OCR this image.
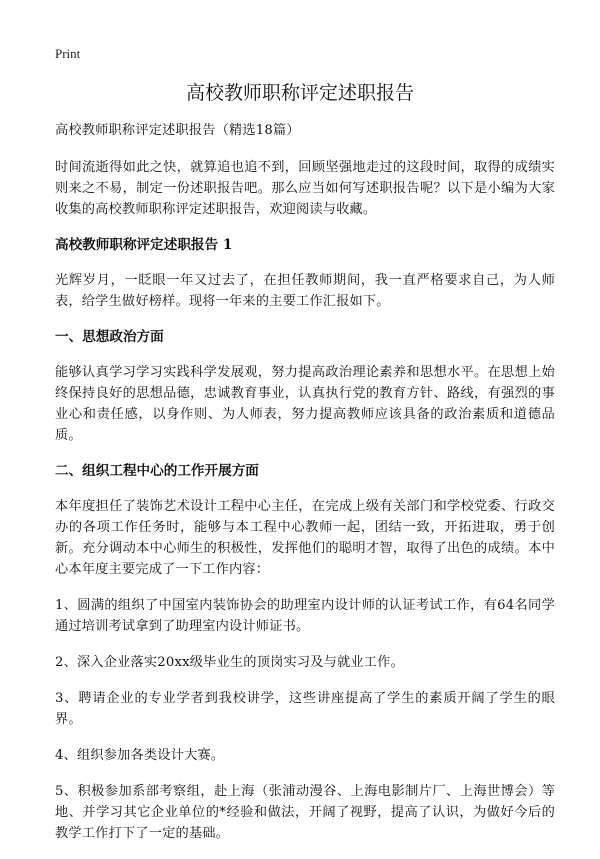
Print
高校教师职称评定述职报告

高校教师职称评定述职报告（精选18篇）

时间流逝得如此之快，就算追也追不到，回顾坚强地走过的这段时间，取得的成绩实则来之不易，制定一份述职报告吧。那么应当如何写述职报告呢？以下是小编为大家收集的高校教师职称评定述职报告，欢迎阅读与收藏。

高校教师职称评定述职报告 1

光辉岁月，一眨眼一年又过去了，在担任教师期间，我一直严格要求自己，为人师表，给学生做好榜样。现将一年来的主要工作汇报如下。

一、思想政治方面

能够认真学习学习实践科学发展观，努力提高政治理论素养和思想水平。在思想上始终保持良好的思想品德，忠诚教育事业，认真执行党的教育方针、路线，有强烈的事业心和责任感，以身作则、为人师表，努力提高教师应该具备的政治素质和道德品质。

二、组织工程中心的工作开展方面

本年度担任了装饰艺术设计工程中心主任，在完成上级有关部门和学校党委、行政交办的各项工作任务时，能够与本工程中心教师一起，团结一致，开拓进取，勇于创新。充分调动本中心师生的积极性，发挥他们的聪明才智，取得了出色的成绩。本中心本年度主要完成了一下工作内容：

1、圆满的组织了中国室内装饰协会的助理室内设计师的认证考试工作，有64名同学通过培训考试拿到了助理室内设计师证书。

2、深入企业落实20xx级毕业生的顶岗实习及与就业工作。

3、聘请企业的专业学者到我校讲学，这些讲座提高了学生的素质开阔了学生的眼界。

4、组织参加各类设计大赛。

5、积极参加系部考察组，赴上海（张浦动漫谷、上海电影制片厂、上海世博会）等地、并学习其它企业单位的*经验和做法，开阔了视野，提高了认识，为做好今后的教学工作打下了一定的基础。
